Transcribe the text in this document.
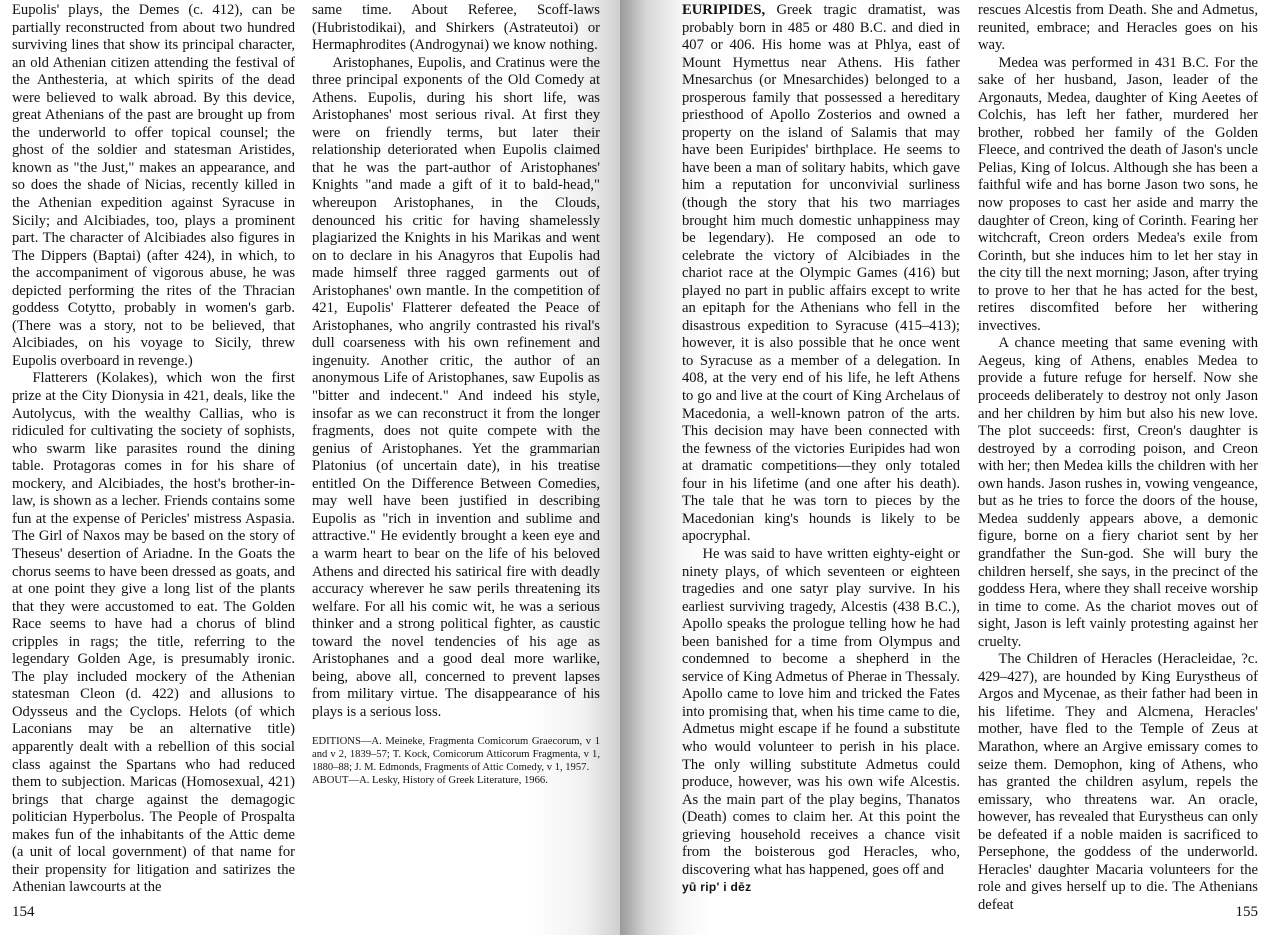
Eupolis' plays, the Demes (c. 412), can be partially reconstructed from about two hundred surviving lines that show its principal character, an old Athenian citizen attending the festival of the Anthesteria, at which spirits of the dead were believed to walk abroad. By this device, great Athenians of the past are brought up from the underworld to offer topical counsel; the ghost of the soldier and statesman Aristides, known as "the Just," makes an appearance, and so does the shade of Nicias, recently killed in the Athenian expedition against Syracuse in Sicily; and Alcibiades, too, plays a prominent part. The character of Alcibiades also figures in The Dippers (Baptai) (after 424), in which, to the accompaniment of vigorous abuse, he was depicted performing the rites of the Thracian goddess Cotytto, probably in women's garb. (There was a story, not to be believed, that Alcibiades, on his voyage to Sicily, threw Eupolis overboard in revenge.)

Flatterers (Kolakes), which won the first prize at the City Dionysia in 421, deals, like the Autolycus, with the wealthy Callias, who is ridiculed for cultivating the society of sophists, who swarm like parasites round the dining table. Protagoras comes in for his share of mockery, and Alcibiades, the host's brother-in-law, is shown as a lecher. Friends contains some fun at the expense of Pericles' mistress Aspasia. The Girl of Naxos may be based on the story of Theseus' desertion of Ariadne. In the Goats the chorus seems to have been dressed as goats, and at one point they give a long list of the plants that they were accustomed to eat. The Golden Race seems to have had a chorus of blind cripples in rags; the title, referring to the legendary Golden Age, is presumably ironic. The play included mockery of the Athenian statesman Cleon (d. 422) and allusions to Odysseus and the Cyclops. Helots (of which Laconians may be an alternative title) apparently dealt with a rebellion of this social class against the Spartans who had reduced them to subjection. Maricas (Homosexual, 421) brings that charge against the demagogic politician Hyperbolus. The People of Prospalta makes fun of the inhabitants of the Attic deme (a unit of local government) of that name for their propensity for litigation and satirizes the Athenian lawcourts at the

same time. About Referee, Scoff-laws (Hubristodikai), and Shirkers (Astrateutoi) or Hermaphrodites (Androgynai) we know nothing.

Aristophanes, Eupolis, and Cratinus were the three principal exponents of the Old Comedy at Athens. Eupolis, during his short life, was Aristophanes' most serious rival. At first they were on friendly terms, but later their relationship deteriorated when Eupolis claimed that he was the part-author of Aristophanes' Knights "and made a gift of it to bald-head," whereupon Aristophanes, in the Clouds, denounced his critic for having shamelessly plagiarized the Knights in his Marikas and went on to declare in his Anagyros that Eupolis had made himself three ragged garments out of Aristophanes' own mantle. In the competition of 421, Eupolis' Flatterer defeated the Peace of Aristophanes, who angrily contrasted his rival's dull coarseness with his own refinement and ingenuity. Another critic, the author of an anonymous Life of Aristophanes, saw Eupolis as "bitter and indecent." And indeed his style, insofar as we can reconstruct it from the longer fragments, does not quite compete with the genius of Aristophanes. Yet the grammarian Platonius (of uncertain date), in his treatise entitled On the Difference Between Comedies, may well have been justified in describing Eupolis as "rich in invention and sublime and attractive." He evidently brought a keen eye and a warm heart to bear on the life of his beloved Athens and directed his satirical fire with deadly accuracy wherever he saw perils threatening its welfare. For all his comic wit, he was a serious thinker and a strong political fighter, as caustic toward the novel tendencies of his age as Aristophanes and a good deal more warlike, being, above all, concerned to prevent lapses from military virtue. The disappearance of his plays is a serious loss.

EDITIONS—A. Meineke, Fragmenta Comicorum Graecorum, v 1 and v 2, 1839–57; T. Kock, Comicorum Atticorum Fragmenta, v 1, 1880–88; J. M. Edmonds, Fragments of Attic Comedy, v 1, 1957.

ABOUT—A. Lesky, History of Greek Literature, 1966.

154

EURIPIDES, Greek tragic dramatist, was probably born in 485 or 480 B.C. and died in 407 or 406. His home was at Phlya, east of Mount Hymettus near Athens. His father Mnesarchus (or Mnesarchides) belonged to a prosperous family that possessed a hereditary priesthood of Apollo Zosterios and owned a property on the island of Salamis that may have been Euripides' birthplace. He seems to have been a man of solitary habits, which gave him a reputation for unconvivial surliness (though the story that his two marriages brought him much domestic unhappiness may be legendary). He composed an ode to celebrate the victory of Alcibiades in the chariot race at the Olympic Games (416) but played no part in public affairs except to write an epitaph for the Athenians who fell in the disastrous expedition to Syracuse (415–413); however, it is also possible that he once went to Syracuse as a member of a delegation. In 408, at the very end of his life, he left Athens to go and live at the court of King Archelaus of Macedonia, a well-known patron of the arts. This decision may have been connected with the fewness of the victories Euripides had won at dramatic competitions—they only totaled four in his lifetime (and one after his death). The tale that he was torn to pieces by the Macedonian king's hounds is likely to be apocryphal.

He was said to have written eighty-eight or ninety plays, of which seventeen or eighteen tragedies and one satyr play survive. In his earliest surviving tragedy, Alcestis (438 B.C.), Apollo speaks the prologue telling how he had been banished for a time from Olympus and condemned to become a shepherd in the service of King Admetus of Pherae in Thessaly. Apollo came to love him and tricked the Fates into promising that, when his time came to die, Admetus might escape if he found a substitute who would volunteer to perish in his place. The only willing substitute Admetus could produce, however, was his own wife Alcestis. As the main part of the play begins, Thanatos (Death) comes to claim her. At this point the grieving household receives a chance visit from the boisterous god Heracles, who, discovering what has happened, goes off and

yū rip' i dēz

rescues Alcestis from Death. She and Admetus, reunited, embrace; and Heracles goes on his way.

Medea was performed in 431 B.C. For the sake of her husband, Jason, leader of the Argonauts, Medea, daughter of King Aeetes of Colchis, has left her father, murdered her brother, robbed her family of the Golden Fleece, and contrived the death of Jason's uncle Pelias, King of Iolcus. Although she has been a faithful wife and has borne Jason two sons, he now proposes to cast her aside and marry the daughter of Creon, king of Corinth. Fearing her witchcraft, Creon orders Medea's exile from Corinth, but she induces him to let her stay in the city till the next morning; Jason, after trying to prove to her that he has acted for the best, retires discomfited before her withering invectives.

A chance meeting that same evening with Aegeus, king of Athens, enables Medea to provide a future refuge for herself. Now she proceeds deliberately to destroy not only Jason and her children by him but also his new love. The plot succeeds: first, Creon's daughter is destroyed by a corroding poison, and Creon with her; then Medea kills the children with her own hands. Jason rushes in, vowing vengeance, but as he tries to force the doors of the house, Medea suddenly appears above, a demonic figure, borne on a fiery chariot sent by her grandfather the Sun-god. She will bury the children herself, she says, in the precinct of the goddess Hera, where they shall receive worship in time to come. As the chariot moves out of sight, Jason is left vainly protesting against her cruelty.

The Children of Heracles (Heracleidae, ?c. 429–427), are hounded by King Eurystheus of Argos and Mycenae, as their father had been in his lifetime. They and Alcmena, Heracles' mother, have fled to the Temple of Zeus at Marathon, where an Argive emissary comes to seize them. Demophon, king of Athens, who has granted the children asylum, repels the emissary, who threatens war. An oracle, however, has revealed that Eurystheus can only be defeated if a noble maiden is sacrificed to Persephone, the goddess of the underworld. Heracles' daughter Macaria volunteers for the role and gives herself up to die. The Athenians defeat	155
